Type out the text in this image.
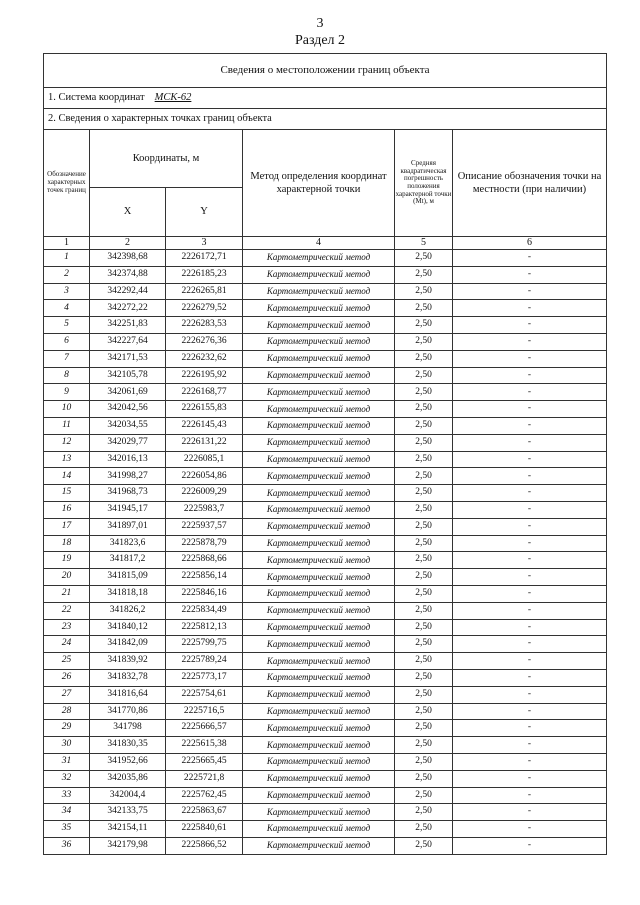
3
Раздел 2
Сведения о местоположении границ объекта					
1. Система координат МСК-62					
2. Сведения о характерных точках границ объекта					
Обозначение характерных точек границ	Координаты, м		Метод определения координат характерной точки	Средняя квадратическая погрешность положения характерной точки (Mt), м	Описание обозначения точки на местности (при наличии)
	X	Y			
1	2	3	4	5	6
1	342398,68	2226172,71	Картометрический метод	2,50	-
2	342374,88	2226185,23	Картометрический метод	2,50	-
3	342292,44	2226265,81	Картометрический метод	2,50	-
4	342272,22	2226279,52	Картометрический метод	2,50	-
5	342251,83	2226283,53	Картометрический метод	2,50	-
6	342227,64	2226276,36	Картометрический метод	2,50	-
7	342171,53	2226232,62	Картометрический метод	2,50	-
8	342105,78	2226195,92	Картометрический метод	2,50	-
9	342061,69	2226168,77	Картометрический метод	2,50	-
10	342042,56	2226155,83	Картометрический метод	2,50	-
11	342034,55	2226145,43	Картометрический метод	2,50	-
12	342029,77	2226131,22	Картометрический метод	2,50	-
13	342016,13	2226085,1	Картометрический метод	2,50	-
14	341998,27	2226054,86	Картометрический метод	2,50	-
15	341968,73	2226009,29	Картометрический метод	2,50	-
16	341945,17	2225983,7	Картометрический метод	2,50	-
17	341897,01	2225937,57	Картометрический метод	2,50	-
18	341823,6	2225878,79	Картометрический метод	2,50	-
19	341817,2	2225868,66	Картометрический метод	2,50	-
20	341815,09	2225856,14	Картометрический метод	2,50	-
21	341818,18	2225846,16	Картометрический метод	2,50	-
22	341826,2	2225834,49	Картометрический метод	2,50	-
23	341840,12	2225812,13	Картометрический метод	2,50	-
24	341842,09	2225799,75	Картометрический метод	2,50	-
25	341839,92	2225789,24	Картометрический метод	2,50	-
26	341832,78	2225773,17	Картометрический метод	2,50	-
27	341816,64	2225754,61	Картометрический метод	2,50	-
28	341770,86	2225716,5	Картометрический метод	2,50	-
29	341798	2225666,57	Картометрический метод	2,50	-
30	341830,35	2225615,38	Картометрический метод	2,50	-
31	341952,66	2225665,45	Картометрический метод	2,50	-
32	342035,86	2225721,8	Картометрический метод	2,50	-
33	342004,4	2225762,45	Картометрический метод	2,50	-
34	342133,75	2225863,67	Картометрический метод	2,50	-
35	342154,11	2225840,61	Картометрический метод	2,50	-
36	342179,98	2225866,52	Картометрический метод	2,50	-
